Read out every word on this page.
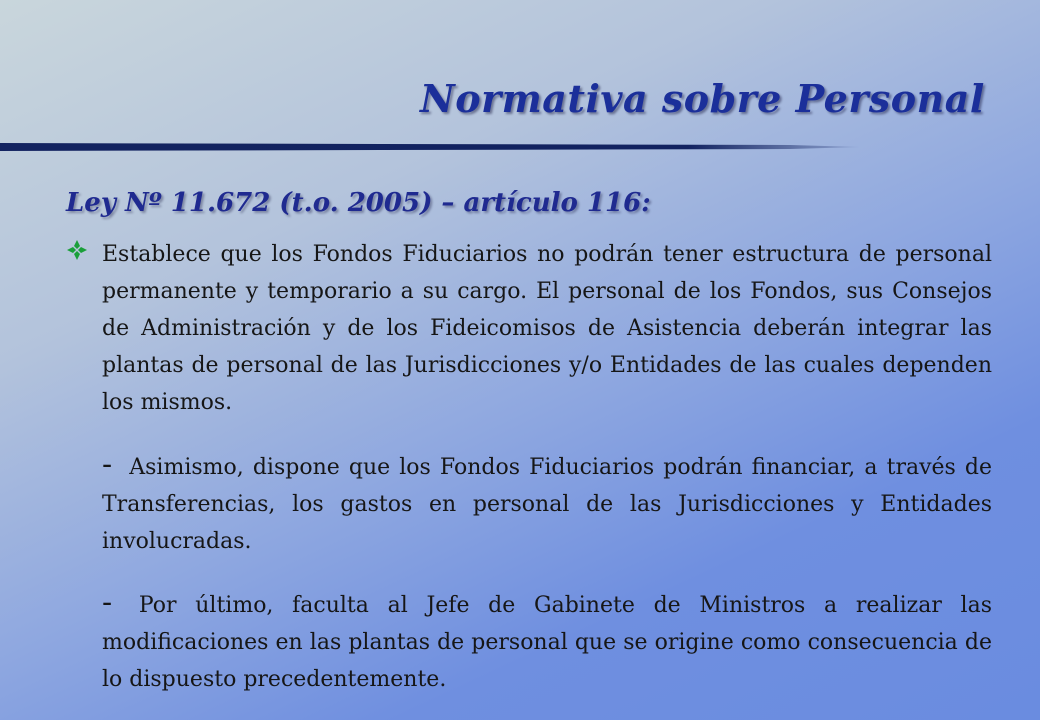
Normativa sobre Personal
Ley Nº 11.672 (t.o. 2005) – artículo 116:
Establece que los Fondos Fiduciarios no podrán tener estructura de personal permanente y temporario a su cargo. El personal de los Fondos, sus Consejos de Administración y de los Fideicomisos de Asistencia deberán integrar las plantas de personal de las Jurisdicciones y/o Entidades de las cuales dependen los mismos.
- Asimismo, dispone que los Fondos Fiduciarios podrán financiar, a través de Transferencias, los gastos en personal de las Jurisdicciones y Entidades involucradas.
- Por último, faculta al Jefe de Gabinete de Ministros a realizar las modificaciones en las plantas de personal que se origine como consecuencia de lo dispuesto precedentemente.
